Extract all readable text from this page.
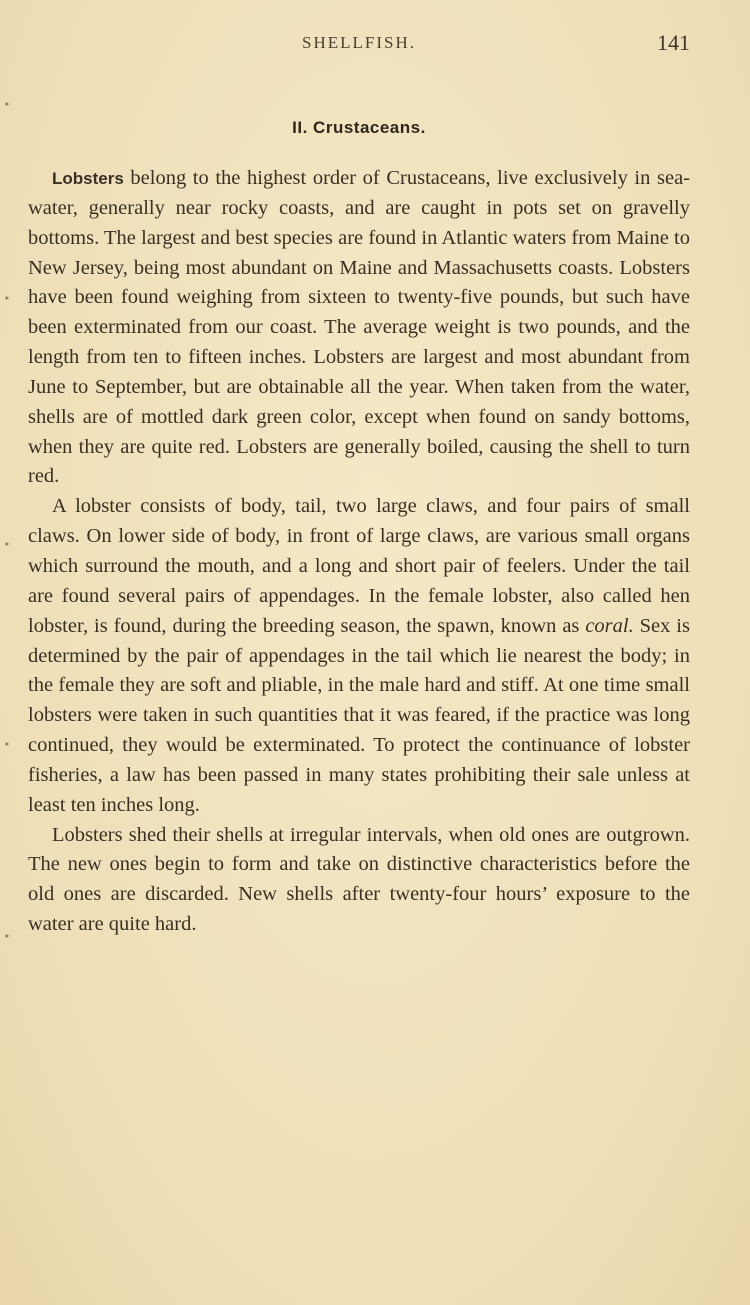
‣
‣
‣
‣
‣
SHELLFISH.	141
II. Crustaceans.

Lobsters belong to the highest order of Crustaceans, live exclusively in sea-water, generally near rocky coasts, and are caught in pots set on gravelly bottoms. The largest and best species are found in Atlantic waters from Maine to New Jersey, being most abundant on Maine and Massachusetts coasts. Lobsters have been found weighing from sixteen to twenty-five pounds, but such have been exterminated from our coast. The average weight is two pounds, and the length from ten to fifteen inches. Lobsters are largest and most abundant from June to September, but are obtainable all the year. When taken from the water, shells are of mottled dark green color, except when found on sandy bottoms, when they are quite red. Lobsters are generally boiled, causing the shell to turn red.

A lobster consists of body, tail, two large claws, and four pairs of small claws. On lower side of body, in front of large claws, are various small organs which surround the mouth, and a long and short pair of feelers. Under the tail are found several pairs of appendages. In the female lobster, also called hen lobster, is found, during the breeding season, the spawn, known as coral. Sex is determined by the pair of appendages in the tail which lie nearest the body; in the female they are soft and pliable, in the male hard and stiff. At one time small lobsters were taken in such quantities that it was feared, if the practice was long continued, they would be exterminated. To protect the continuance of lobster fisheries, a law has been passed in many states prohibiting their sale unless at least ten inches long.

Lobsters shed their shells at irregular intervals, when old ones are outgrown. The new ones begin to form and take on distinctive characteristics before the old ones are discarded. New shells after twenty-four hours’ exposure to the water are quite hard.
